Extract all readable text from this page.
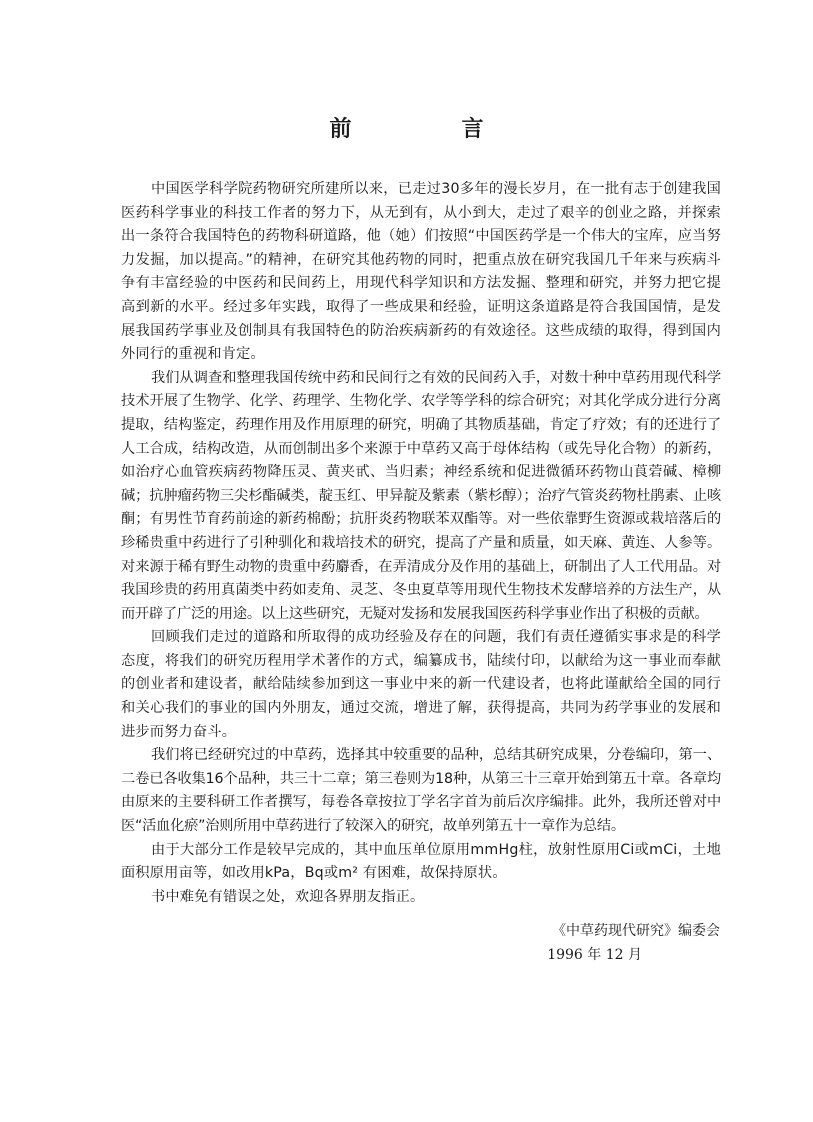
前　言

中国医学科学院药物研究所建所以来，已走过30多年的漫长岁月，在一批有志于创建我国医药科学事业的科技工作者的努力下，从无到有，从小到大，走过了艰辛的创业之路，并探索出一条符合我国特色的药物科研道路，他（她）们按照“中国医药学是一个伟大的宝库，应当努力发掘，加以提高。”的精神，在研究其他药物的同时，把重点放在研究我国几千年来与疾病斗争有丰富经验的中医药和民间药上，用现代科学知识和方法发掘、整理和研究，并努力把它提高到新的水平。经过多年实践，取得了一些成果和经验，证明这条道路是符合我国国情，是发展我国药学事业及创制具有我国特色的防治疾病新药的有效途径。这些成绩的取得，得到国内外同行的重视和肯定。

我们从调查和整理我国传统中药和民间行之有效的民间药入手，对数十种中草药用现代科学技术开展了生物学、化学、药理学、生物化学、农学等学科的综合研究；对其化学成分进行分离提取，结构鉴定，药理作用及作用原理的研究，明确了其物质基础，肯定了疗效；有的还进行了人工合成，结构改造，从而创制出多个来源于中草药又高于母体结构（或先导化合物）的新药，如治疗心血管疾病药物降压灵、黄夹甙、当归素；神经系统和促进微循环药物山莨菪碱、樟柳碱；抗肿瘤药物三尖杉酯碱类，靛玉红、甲异靛及紫素（紫杉醇）；治疗气管炎药物杜鹃素、止咳酮；有男性节育药前途的新药棉酚；抗肝炎药物联苯双酯等。对一些依靠野生资源或栽培落后的珍稀贵重中药进行了引种驯化和栽培技术的研究，提高了产量和质量，如天麻、黄连、人参等。对来源于稀有野生动物的贵重中药麝香，在弄清成分及作用的基础上，研制出了人工代用品。对我国珍贵的药用真菌类中药如麦角、灵芝、冬虫夏草等用现代生物技术发酵培养的方法生产，从而开辟了广泛的用途。以上这些研究，无疑对发扬和发展我国医药科学事业作出了积极的贡献。

回顾我们走过的道路和所取得的成功经验及存在的问题，我们有责任遵循实事求是的科学态度，将我们的研究历程用学术著作的方式，编纂成书，陆续付印，以献给为这一事业而奉献的创业者和建设者，献给陆续参加到这一事业中来的新一代建设者，也将此谨献给全国的同行和关心我们的事业的国内外朋友，通过交流，增进了解，获得提高，共同为药学事业的发展和进步而努力奋斗。

我们将已经研究过的中草药，选择其中较重要的品种，总结其研究成果，分卷编印，第一、二卷已各收集16个品种，共三十二章；第三卷则为18种，从第三十三章开始到第五十章。各章均由原来的主要科研工作者撰写，每卷各章按拉丁学名字首为前后次序编排。此外，我所还曾对中医“活血化瘀”治则所用中草药进行了较深入的研究，故单列第五十一章作为总结。

由于大部分工作是较早完成的，其中血压单位原用mmHg柱，放射性原用Ci或mCi，土地面积原用亩等，如改用kPa，Bq或m² 有困难，故保持原状。

书中难免有错误之处，欢迎各界朋友指正。

《中草药现代研究》编委会
1996 年 12 月
